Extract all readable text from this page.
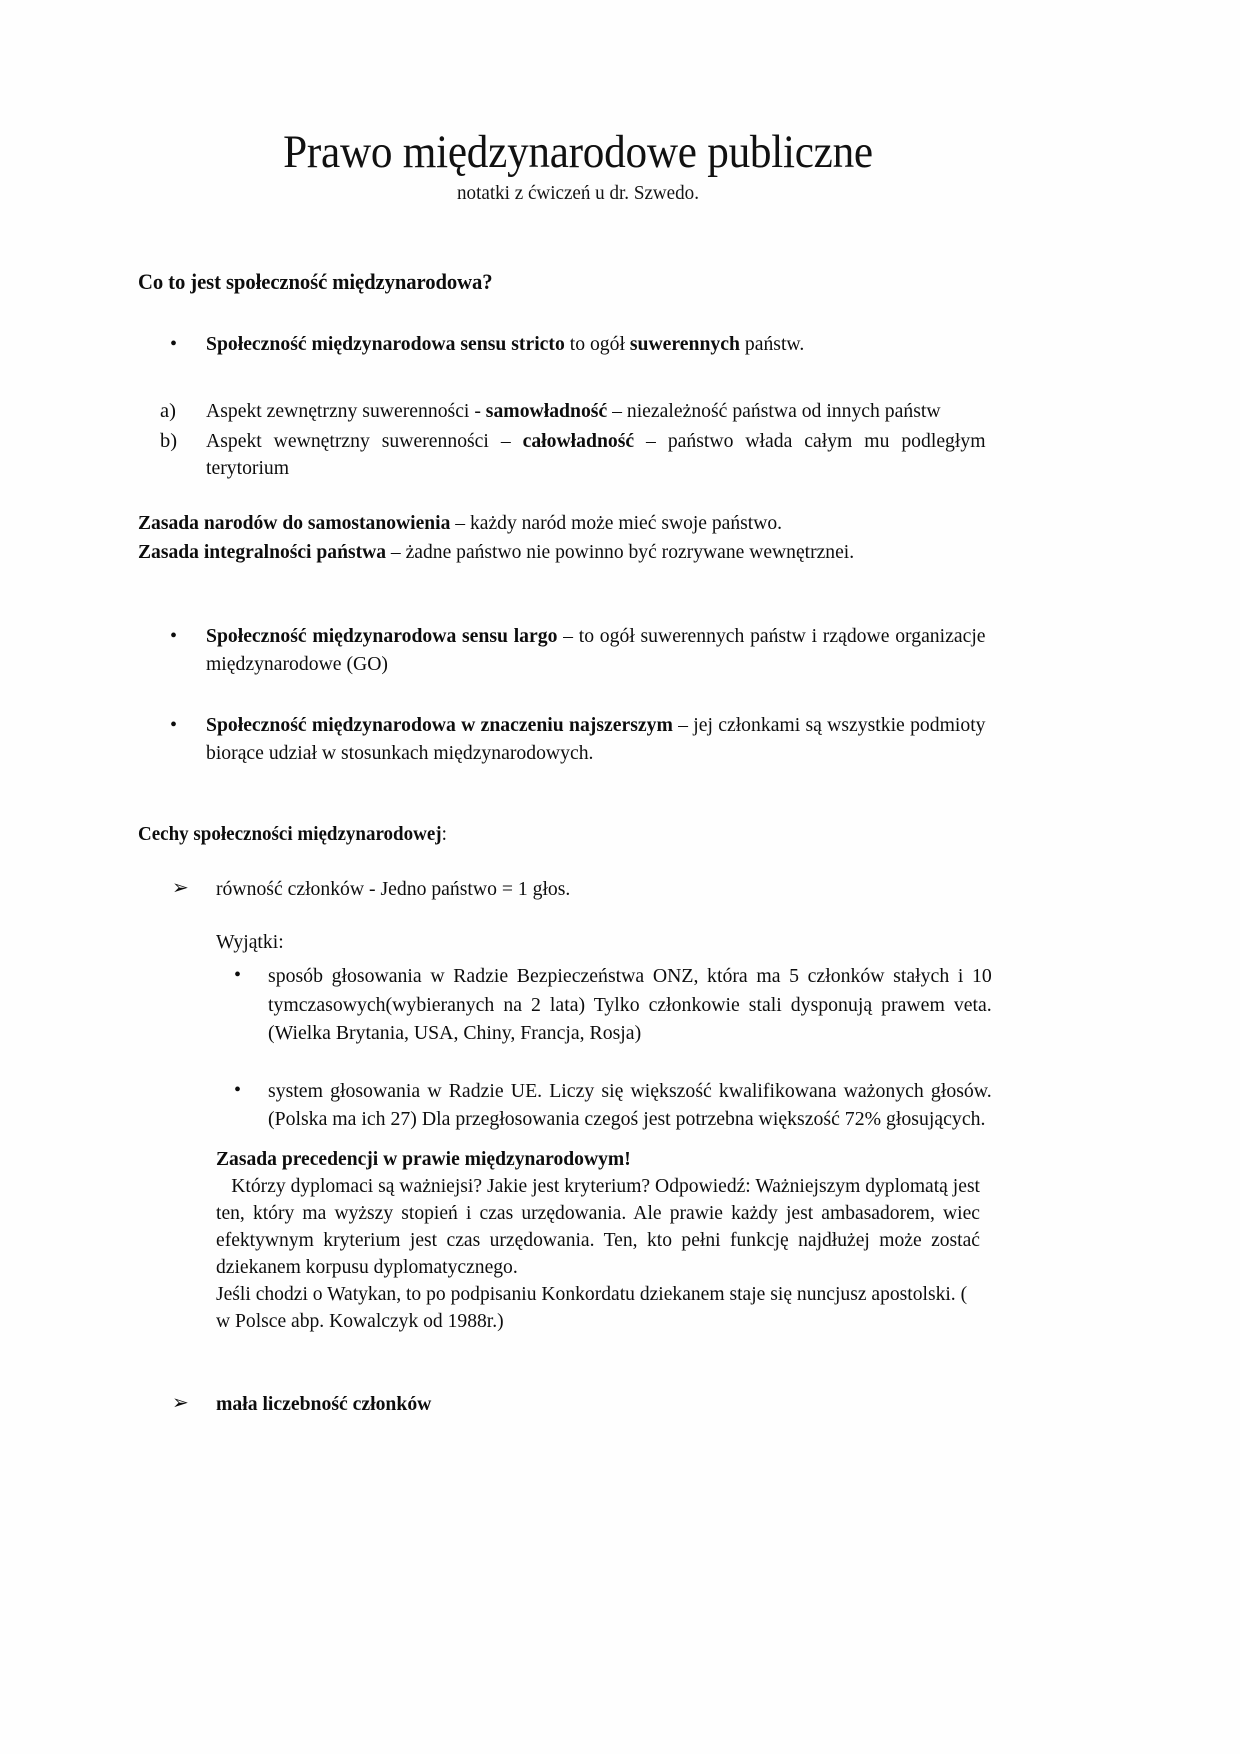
Prawo międzynarodowe publiczne
notatki z ćwiczeń u dr. Szwedo.
Co to jest społeczność międzynarodowa?
• Społeczność międzynarodowa sensu stricto to ogół suwerennych państw.
a) Aspekt zewnętrzny suwerenności - samowładność – niezależność państwa od innych państw
b) Aspekt wewnętrzny suwerenności – całowładność – państwo włada całym mu podległym terytorium

Zasada narodów do samostanowienia – każdy naród może mieć swoje państwo.

Zasada integralności państwa – żadne państwo nie powinno być rozrywane wewnętrznei.

• Społeczność międzynarodowa sensu largo – to ogół suwerennych państw i rządowe organizacje międzynarodowe (GO)
• Społeczność międzynarodowa w znaczeniu najszerszym – jej członkami są wszystkie podmioty biorące udział w stosunkach międzynarodowych.
Cechy społeczności międzynarodowej:
➢ równość członków - Jedno państwo = 1 głos.

Wyjątki:

• sposób głosowania w Radzie Bezpieczeństwa ONZ, która ma 5 członków stałych i 10 tymczasowych(wybieranych na 2 lata) Tylko członkowie stali dysponują prawem veta. (Wielka Brytania, USA, Chiny, Francja, Rosja)
• system głosowania w Radzie UE. Liczy się większość kwalifikowana ważonych głosów. (Polska ma ich 27) Dla przegłosowania czegoś jest potrzebna większość 72% głosujących.

Zasada precedencji w prawie międzynarodowym!

Którzy dyplomaci są ważniejsi? Jakie jest kryterium? Odpowiedź: Ważniejszym dyplomatą jest ten, który ma wyższy stopień i czas urzędowania. Ale prawie każdy jest ambasadorem, wiec efektywnym kryterium jest czas urzędowania. Ten, kto pełni funkcję najdłużej może zostać dziekanem korpusu dyplomatycznego.

Jeśli chodzi o Watykan, to po podpisaniu Konkordatu dziekanem staje się nuncjusz apostolski. ( w Polsce abp. Kowalczyk od 1988r.)

➢ mała liczebność członków
